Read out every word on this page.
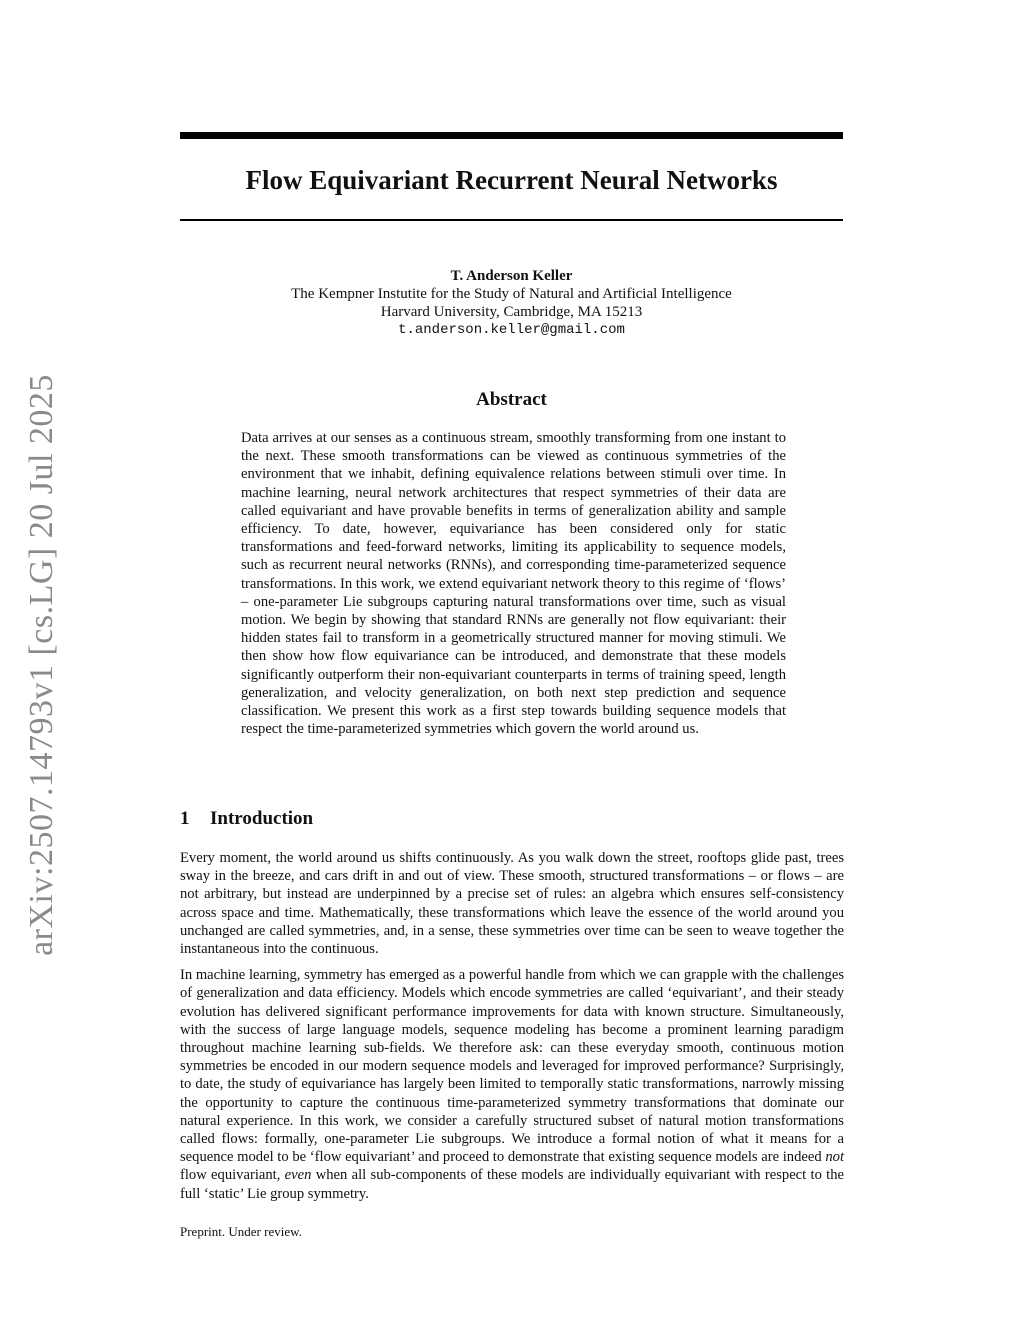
arXiv:2507.14793v1 [cs.LG] 20 Jul 2025
Flow Equivariant Recurrent Neural Networks
T. Anderson Keller
The Kempner Instutite for the Study of Natural and Artificial Intelligence
Harvard University, Cambridge, MA 15213
t.anderson.keller@gmail.com
Abstract

Data arrives at our senses as a continuous stream, smoothly transforming from one instant to the next. These smooth transformations can be viewed as continuous symmetries of the environment that we inhabit, defining equivalence relations between stimuli over time. In machine learning, neural network architectures that respect symmetries of their data are called equivariant and have provable benefits in terms of generalization ability and sample efficiency. To date, however, equivariance has been considered only for static transformations and feed-forward networks, limiting its applicability to sequence models, such as recurrent neural networks (RNNs), and corresponding time-parameterized sequence transformations. In this work, we extend equivariant network theory to this regime of ‘flows’ – one-parameter Lie subgroups capturing natural transformations over time, such as visual motion. We begin by showing that standard RNNs are generally not flow equivariant: their hidden states fail to transform in a geometrically structured manner for moving stimuli. We then show how flow equivariance can be introduced, and demonstrate that these models significantly outperform their non-equivariant counterparts in terms of training speed, length generalization, and velocity generalization, on both next step prediction and sequence classification. We present this work as a first step towards building sequence models that respect the time-parameterized symmetries which govern the world around us.

1 Introduction

Every moment, the world around us shifts continuously. As you walk down the street, rooftops glide past, trees sway in the breeze, and cars drift in and out of view. These smooth, structured transformations – or flows – are not arbitrary, but instead are underpinned by a precise set of rules: an algebra which ensures self-consistency across space and time. Mathematically, these transformations which leave the essence of the world around you unchanged are called symmetries, and, in a sense, these symmetries over time can be seen to weave together the instantaneous into the continuous.

In machine learning, symmetry has emerged as a powerful handle from which we can grapple with the challenges of generalization and data efficiency. Models which encode symmetries are called ‘equivariant’, and their steady evolution has delivered significant performance improvements for data with known structure. Simultaneously, with the success of large language models, sequence modeling has become a prominent learning paradigm throughout machine learning sub-fields. We therefore ask: can these everyday smooth, continuous motion symmetries be encoded in our modern sequence models and leveraged for improved performance? Surprisingly, to date, the study of equivariance has largely been limited to temporally static transformations, narrowly missing the opportunity to capture the continuous time-parameterized symmetry transformations that dominate our natural experience. In this work, we consider a carefully structured subset of natural motion transformations called flows: formally, one-parameter Lie subgroups. We introduce a formal notion of what it means for a sequence model to be ‘flow equivariant’ and proceed to demonstrate that existing sequence models are indeed not flow equivariant, even when all sub-components of these models are individually equivariant with respect to the full ‘static’ Lie group symmetry.

Preprint. Under review.
